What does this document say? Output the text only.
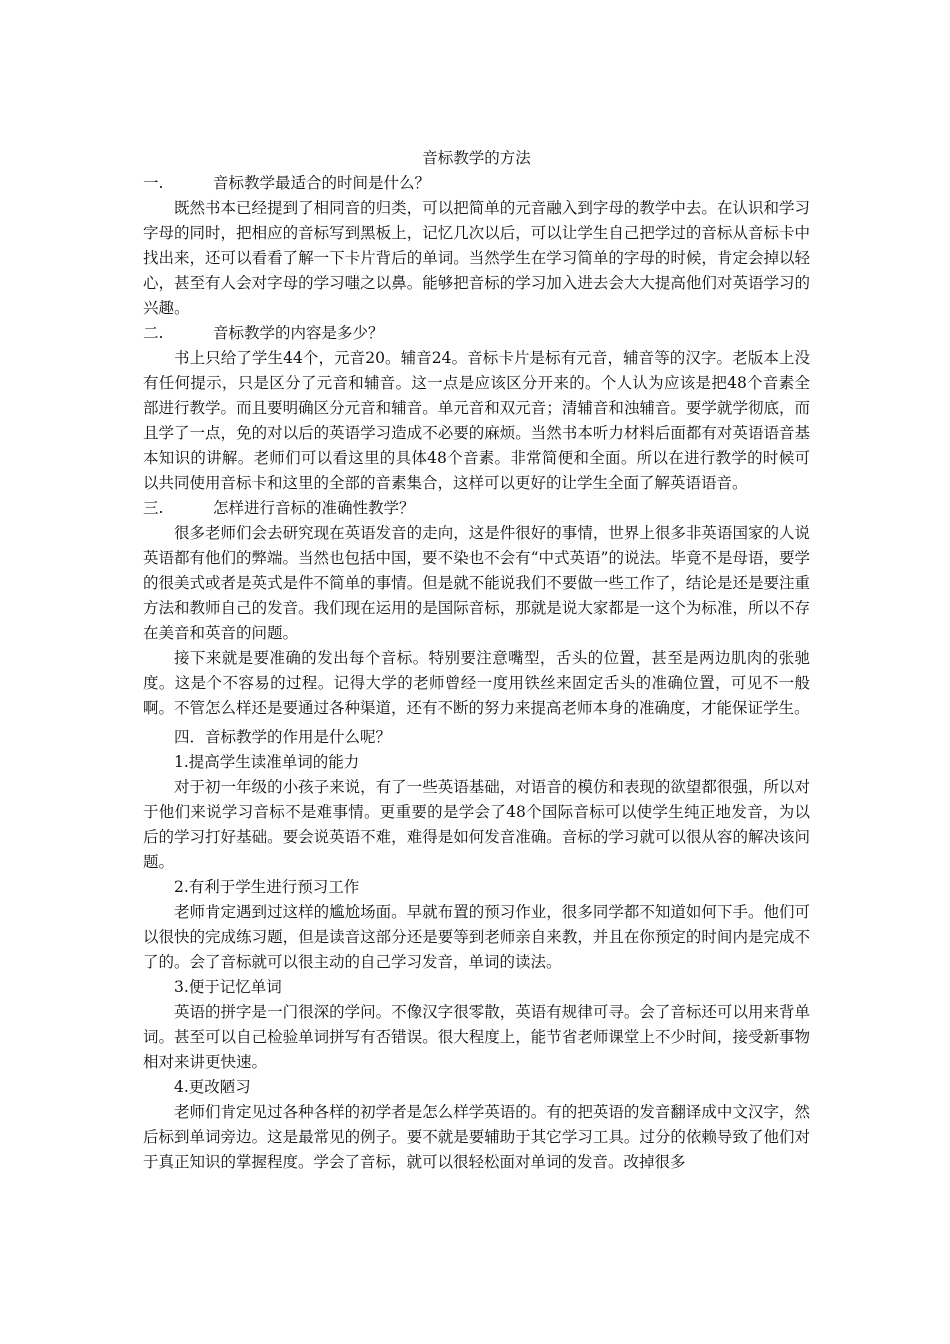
音标教学的方法

一.	音标教学最适合的时间是什么？

既然书本已经提到了相同音的归类，可以把简单的元音融入到字母的教学中去。在认识和学习字母的同时，把相应的音标写到黑板上，记忆几次以后，可以让学生自己把学过的音标从音标卡中找出来，还可以看看了解一下卡片背后的单词。当然学生在学习简单的字母的时候，肯定会掉以轻心，甚至有人会对字母的学习嗤之以鼻。能够把音标的学习加入进去会大大提高他们对英语学习的兴趣。

二.	音标教学的内容是多少？

书上只给了学生44个，元音20。辅音24。音标卡片是标有元音，辅音等的汉字。老版本上没有任何提示，只是区分了元音和辅音。这一点是应该区分开来的。个人认为应该是把48个音素全部进行教学。而且要明确区分元音和辅音。单元音和双元音；清辅音和浊辅音。要学就学彻底，而且学了一点，免的对以后的英语学习造成不必要的麻烦。当然书本听力材料后面都有对英语语音基本知识的讲解。老师们可以看这里的具体48个音素。非常简便和全面。所以在进行教学的时候可以共同使用音标卡和这里的全部的音素集合，这样可以更好的让学生全面了解英语语音。

三.	怎样进行音标的准确性教学？

很多老师们会去研究现在英语发音的走向，这是件很好的事情，世界上很多非英语国家的人说英语都有他们的弊端。当然也包括中国，要不染也不会有“中式英语”的说法。毕竟不是母语，要学的很美式或者是英式是件不简单的事情。但是就不能说我们不要做一些工作了，结论是还是要注重方法和教师自己的发音。我们现在运用的是国际音标，那就是说大家都是一这个为标准，所以不存在美音和英音的问题。

接下来就是要准确的发出每个音标。特别要注意嘴型，舌头的位置，甚至是两边肌肉的张驰度。这是个不容易的过程。记得大学的老师曾经一度用铁丝来固定舌头的准确位置，可见不一般啊。不管怎么样还是要通过各种渠道，还有不断的努力来提高老师本身的准确度，才能保证学生。

四．音标教学的作用是什么呢？

1.提高学生读准单词的能力

对于初一年级的小孩子来说，有了一些英语基础，对语音的模仿和表现的欲望都很强，所以对于他们来说学习音标不是难事情。更重要的是学会了48个国际音标可以使学生纯正地发音，为以后的学习打好基础。要会说英语不难，难得是如何发音准确。音标的学习就可以很从容的解决该问题。

2.有利于学生进行预习工作

老师肯定遇到过这样的尴尬场面。早就布置的预习作业，很多同学都不知道如何下手。他们可以很快的完成练习题，但是读音这部分还是要等到老师亲自来教，并且在你预定的时间内是完成不了的。会了音标就可以很主动的自己学习发音，单词的读法。

3.便于记忆单词

英语的拼字是一门很深的学问。不像汉字很零散，英语有规律可寻。会了音标还可以用来背单词。甚至可以自己检验单词拼写有否错误。很大程度上，能节省老师课堂上不少时间，接受新事物相对来讲更快速。

4.更改陋习

老师们肯定见过各种各样的初学者是怎么样学英语的。有的把英语的发音翻译成中文汉字，然后标到单词旁边。这是最常见的例子。要不就是要辅助于其它学习工具。过分的依赖导致了他们对于真正知识的掌握程度。学会了音标，就可以很轻松面对单词的发音。改掉很多
